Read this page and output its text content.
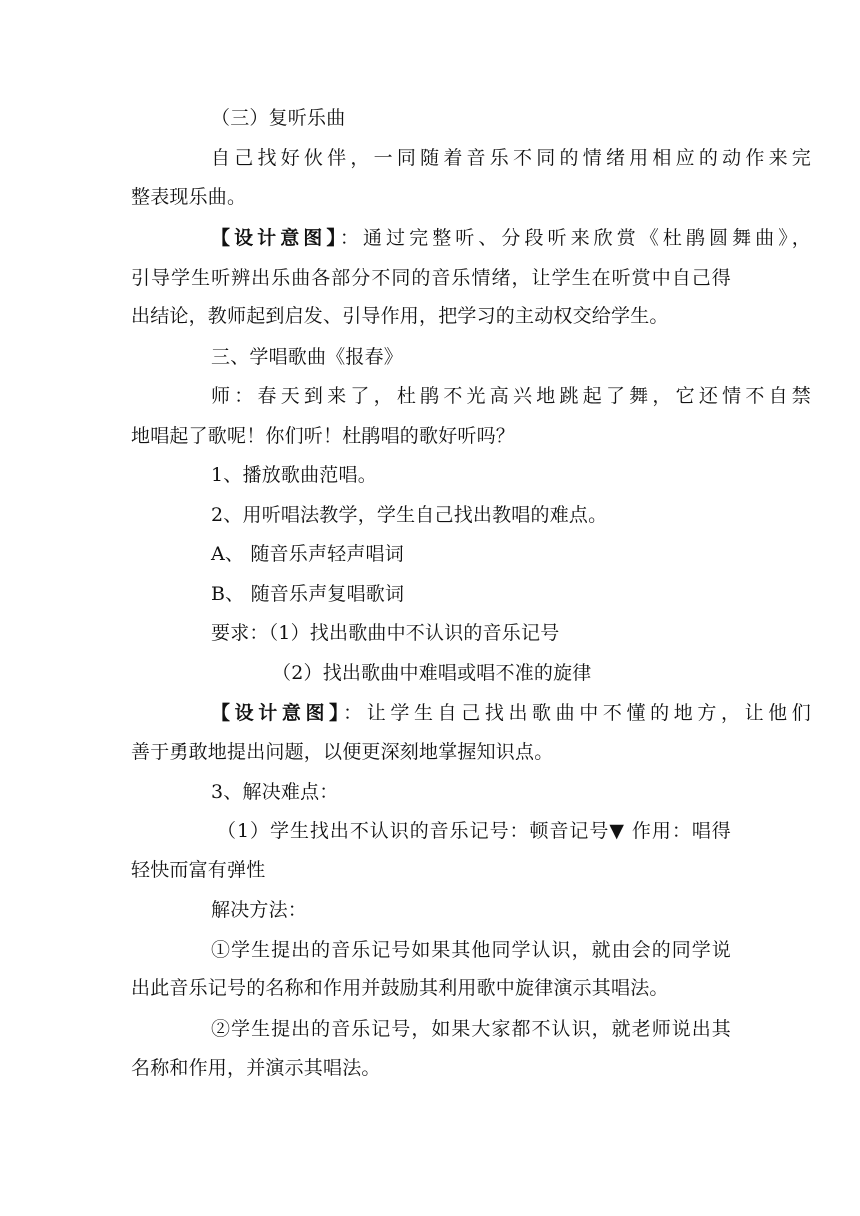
（三）复听乐曲
自己找好伙伴，一同随着音乐不同的情绪用相应的动作来完
整表现乐曲。
【设计意图】：通过完整听、分段听来欣赏《杜鹃圆舞曲》，
引导学生听辨出乐曲各部分不同的音乐情绪，让学生在听赏中自己得
出结论，教师起到启发、引导作用，把学习的主动权交给学生。
三、学唱歌曲《报春》
师：春天到来了，杜鹃不光高兴地跳起了舞，它还情不自禁
地唱起了歌呢！你们听！杜鹃唱的歌好听吗？
1、播放歌曲范唱。
2、用听唱法教学，学生自己找出教唱的难点。
A、 随音乐声轻声唱词
B、 随音乐声复唱歌词
要求：（1）找出歌曲中不认识的音乐记号
（2）找出歌曲中难唱或唱不准的旋律
【设计意图】：让学生自己找出歌曲中不懂的地方，让他们
善于勇敢地提出问题，以便更深刻地掌握知识点。
3、解决难点：
（1）学生找出不认识的音乐记号：顿音记号▼ 作用：唱得
轻快而富有弹性
解决方法：
①学生提出的音乐记号如果其他同学认识，就由会的同学说
出此音乐记号的名称和作用并鼓励其利用歌中旋律演示其唱法。
②学生提出的音乐记号，如果大家都不认识，就老师说出其
名称和作用，并演示其唱法。
